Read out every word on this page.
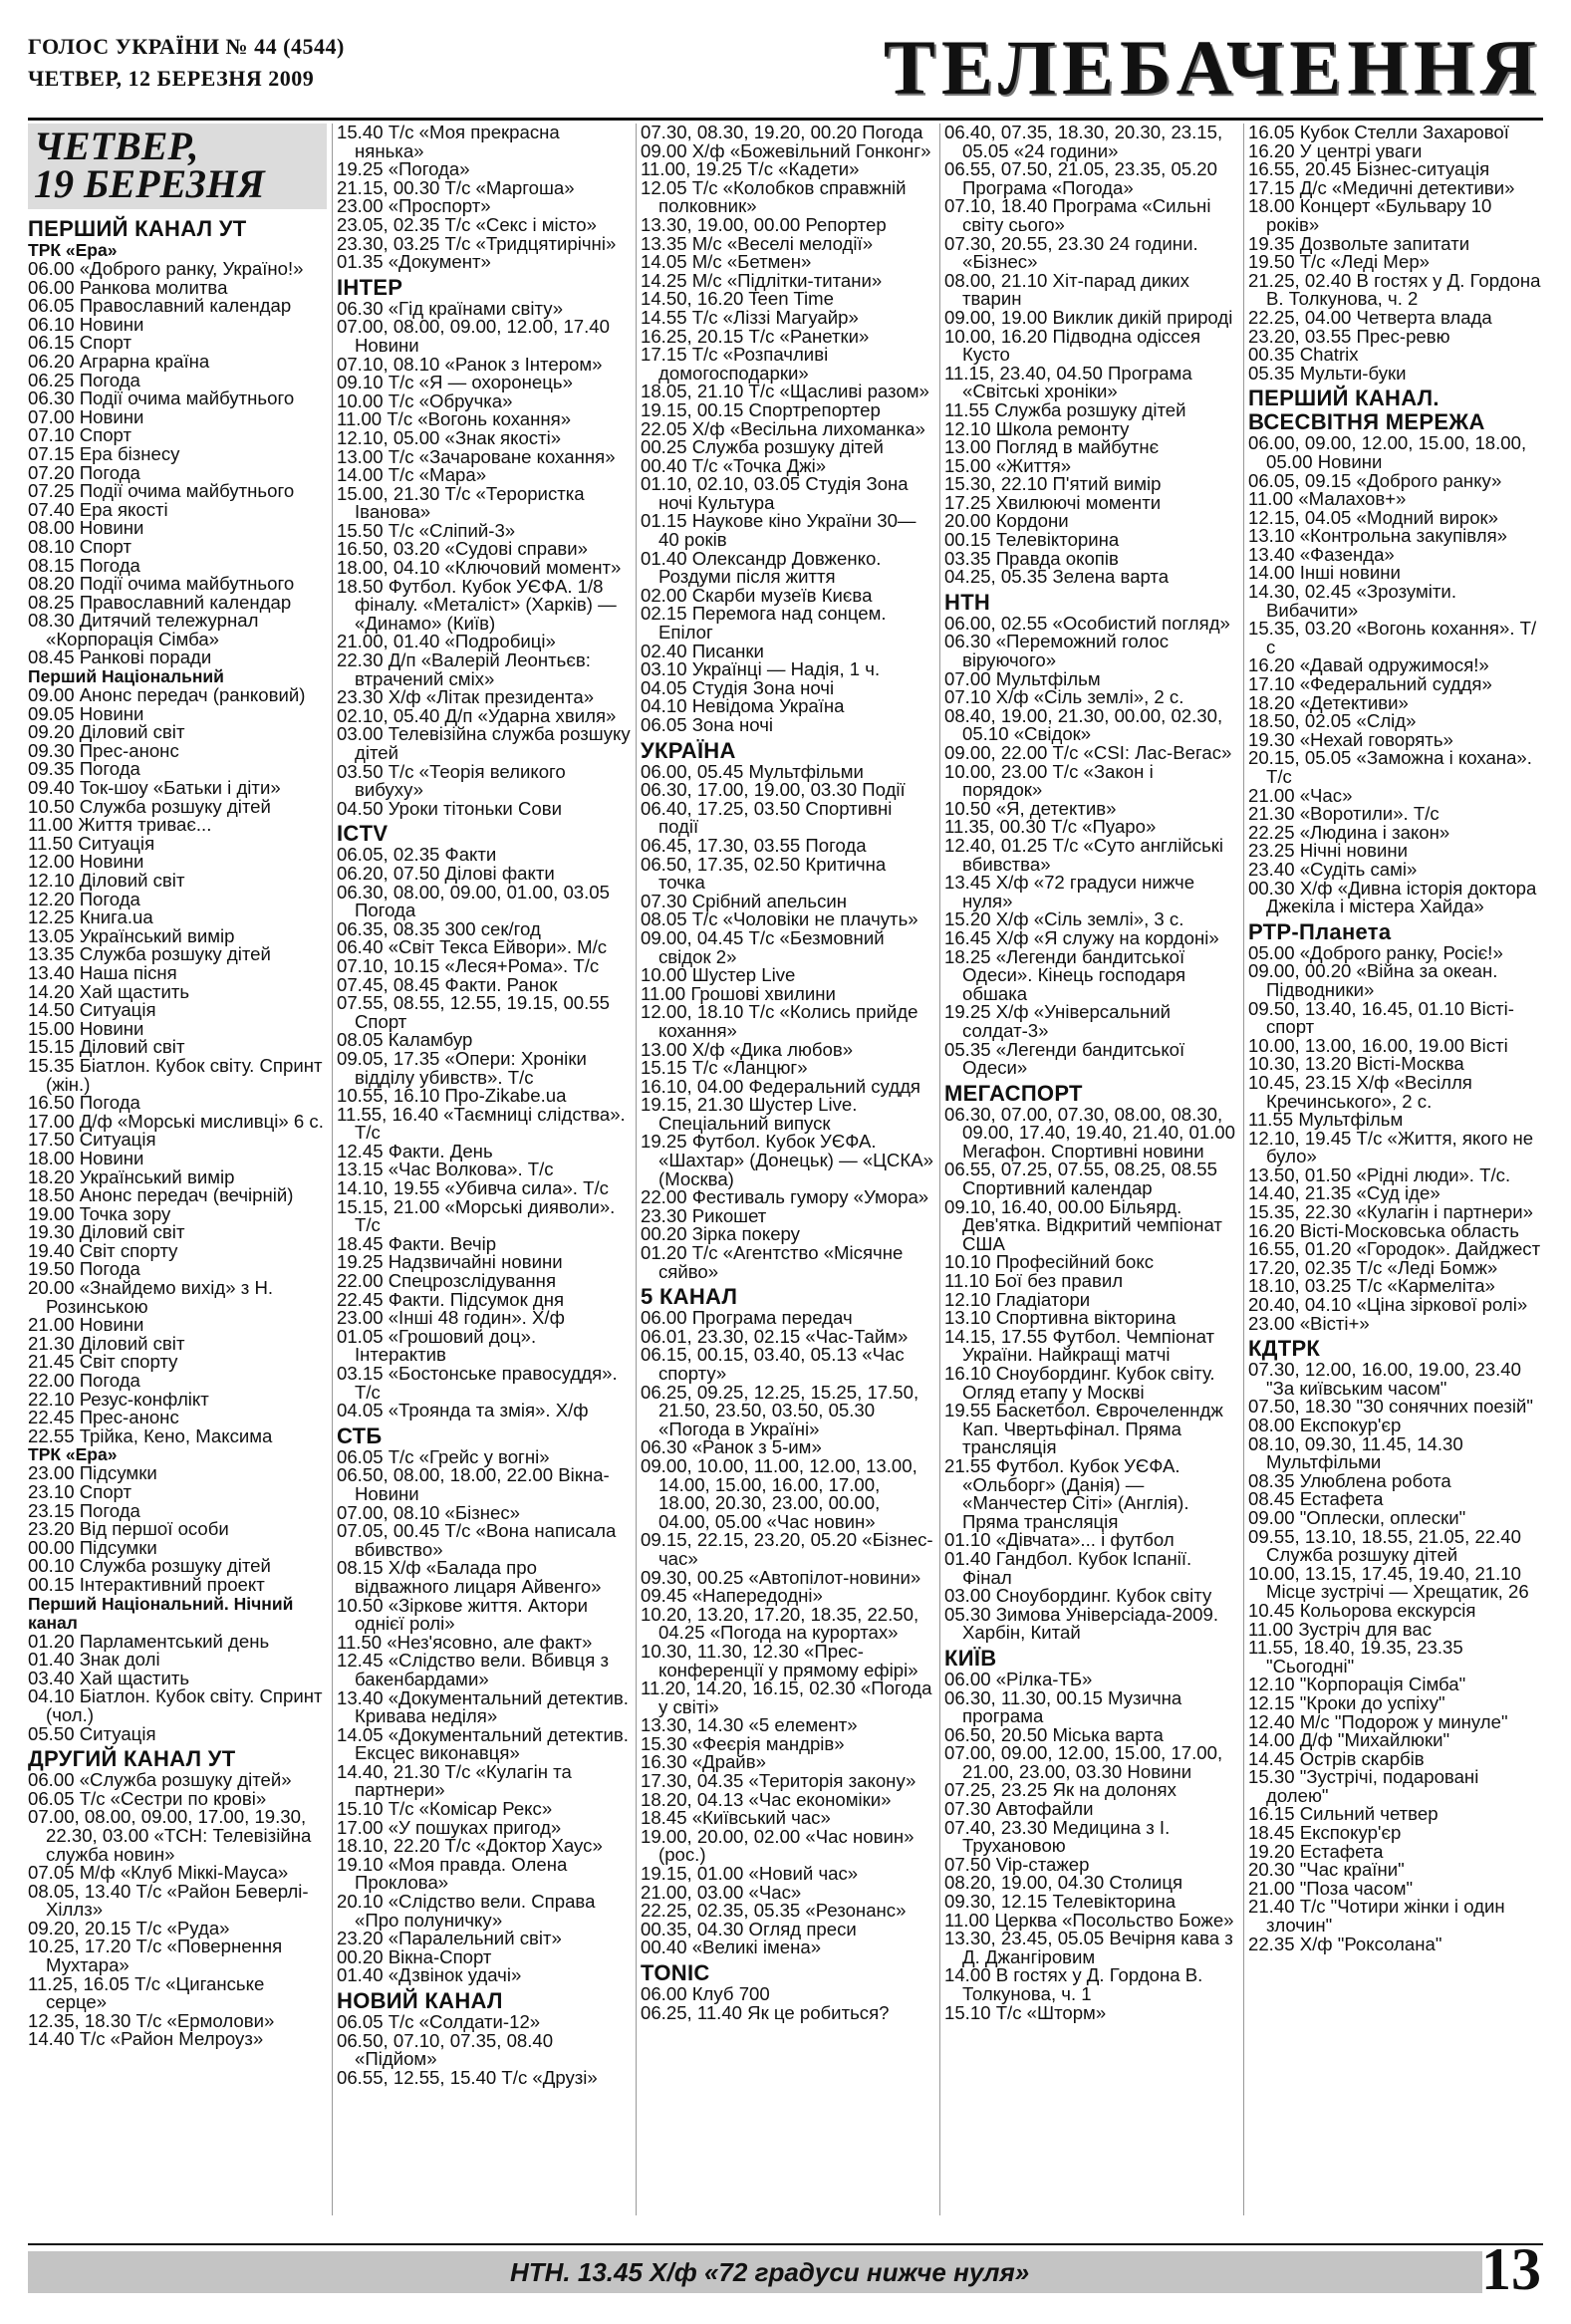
ГОЛОС УКРАЇНИ № 44 (4544)
ЧЕТВЕР, 12 БЕРЕЗНЯ 2009	ТЕЛЕБАЧЕННЯ
ЧЕТВЕР,
19 БЕРЕЗНЯ
ПЕРШИЙ КАНАЛ УТ
ТРК «Ера»
06.00 «Доброго ранку, Україно!»
06.00 Ранкова молитва
06.05 Православний календар
06.10 Новини
06.15 Спорт
06.20 Аграрна країна
06.25 Погода
06.30 Події очима майбутнього
07.00 Новини
07.10 Спорт
07.15 Ера бізнесу
07.20 Погода
07.25 Події очима майбутнього
07.40 Ера якості
08.00 Новини
08.10 Спорт
08.15 Погода
08.20 Події очима майбутнього
08.25 Православний календар
08.30 Дитячий тележурнал «Корпорація Сімба»
08.45 Ранкові поради
Перший Національний
09.00 Анонс передач (ранковий)
09.05 Новини
09.20 Діловий світ
09.30 Прес-анонс
09.35 Погода
09.40 Ток-шоу «Батьки і діти»
10.50 Служба розшуку дітей
11.00 Життя триває...
11.50 Ситуація
12.00 Новини
12.10 Діловий світ
12.20 Погода
12.25 Книга.ua
13.05 Український вимір
13.35 Служба розшуку дітей
13.40 Наша пісня
14.20 Хай щастить
14.50 Ситуація
15.00 Новини
15.15 Діловий світ
15.35 Біатлон. Кубок світу. Спринт (жін.)
16.50 Погода
17.00 Д/ф «Морські мисливці» 6 с.
17.50 Ситуація
18.00 Новини
18.20 Український вимір
18.50 Анонс передач (вечірній)
19.00 Точка зору
19.30 Діловий світ
19.40 Світ спорту
19.50 Погода
20.00 «Знайдемо вихід» з Н. Розинською
21.00 Новини
21.30 Діловий світ
21.45 Світ спорту
22.00 Погода
22.10 Резус-конфлікт
22.45 Прес-анонс
22.55 Трійка, Кено, Максима
ТРК «Ера»
23.00 Підсумки
23.10 Спорт
23.15 Погода
23.20 Від першої особи
00.00 Підсумки
00.10 Служба розшуку дітей
00.15 Інтерактивний проект
Перший Національний. Нічний канал
01.20 Парламентський день
01.40 Знак долі
03.40 Хай щастить
04.10 Біатлон. Кубок світу. Спринт (чол.)
05.50 Ситуація
ДРУГИЙ КАНАЛ УТ
06.00 «Служба розшуку дітей»
06.05 Т/с «Сестри по крові»
07.00, 08.00, 09.00, 17.00, 19.30, 22.30, 03.00 «ТСН: Телевізійна служба новин»
07.05 М/ф «Клуб Міккі-Мауса»
08.05, 13.40 Т/с «Район Беверлі-Хіллз»
09.20, 20.15 Т/с «Руда»
10.25, 17.20 Т/с «Повернення Мухтара»
11.25, 16.05 Т/с «Циганське серце»
12.35, 18.30 Т/с «Ермолови»
14.40 Т/с «Район Мелроуз»
15.40 Т/с «Моя прекрасна нянька»
19.25 «Погода»
21.15, 00.30 Т/с «Маргоша»
23.00 «Проспорт»
23.05, 02.35 Т/с «Секс і місто»
23.30, 03.25 Т/с «Тридцятирічні»
01.35 «Документ»
ІНТЕР
06.30 «Гід країнами світу»
07.00, 08.00, 09.00, 12.00, 17.40 Новини
07.10, 08.10 «Ранок з Інтером»
09.10 Т/с «Я — охоронець»
10.00 Т/с «Обручка»
11.00 Т/с «Вогонь кохання»
12.10, 05.00 «Знак якості»
13.00 Т/с «Зачароване кохання»
14.00 Т/с «Мара»
15.00, 21.30 Т/с «Терористка Іванова»
15.50 Т/с «Сліпий-3»
16.50, 03.20 «Судові справи»
18.00, 04.10 «Ключовий момент»
18.50 Футбол. Кубок УЄФА. 1/8 фіналу. «Металіст» (Харків) — «Динамо» (Київ)
21.00, 01.40 «Подробиці»
22.30 Д/п «Валерій Леонтьєв: втрачений сміх»
23.30 Х/ф «Літак президента»
02.10, 05.40 Д/п «Ударна хвиля»
03.00 Телевізійна служба розшуку дітей
03.50 Т/с «Теорія великого вибуху»
04.50 Уроки тітоньки Сови
ICTV
06.05, 02.35 Факти
06.20, 07.50 Ділові факти
06.30, 08.00, 09.00, 01.00, 03.05 Погода
06.35, 08.35 300 сек/год
06.40 «Світ Текса Ейвори». М/с
07.10, 10.15 «Леся+Рома». Т/с
07.45, 08.45 Факти. Ранок
07.55, 08.55, 12.55, 19.15, 00.55 Спорт
08.05 Каламбур
09.05, 17.35 «Опери: Хроніки відділу убивств». Т/с
10.55, 16.10 Про-Zikabe.ua
11.55, 16.40 «Таємниці слідства». Т/с
12.45 Факти. День
13.15 «Час Волкова». Т/с
14.10, 19.55 «Убивча сила». Т/с
15.15, 21.00 «Морські дияволи». Т/с
18.45 Факти. Вечір
19.25 Надзвичайні новини
22.00 Спецрозслідування
22.45 Факти. Підсумок дня
23.00 «Інші 48 годин». Х/ф
01.05 «Грошовий доц». Інтерактив
03.15 «Бостонське правосуддя». Т/с
04.05 «Троянда та змія». Х/ф
СТБ
06.05 Т/с «Грейс у вогні»
06.50, 08.00, 18.00, 22.00 Вікна-Новини
07.00, 08.10 «Бізнес»
07.05, 00.45 Т/с «Вона написала вбивство»
08.15 Х/ф «Балада про відважного лицаря Айвенго»
10.50 «Зіркове життя. Актори однієї ролі»
11.50 «Нез'ясовно, але факт»
12.45 «Слідство вели. Вбивця з бакенбардами»
13.40 «Документальний детектив. Кривава неділя»
14.05 «Документальний детектив. Ексцес виконавця»
14.40, 21.30 Т/с «Кулагін та партнери»
15.10 Т/с «Комісар Рекс»
17.00 «У пошуках пригод»
18.10, 22.20 Т/с «Доктор Хаус»
19.10 «Моя правда. Олена Проклова»
20.10 «Слідство вели. Справа «Про полуничку»
23.20 «Паралельний світ»
00.20 Вікна-Спорт
01.40 «Дзвінок удачі»
НОВИЙ КАНАЛ
06.05 Т/с «Солдати-12»
06.50, 07.10, 07.35, 08.40 «Підйом»
06.55, 12.55, 15.40 Т/с «Друзі»
07.30, 08.30, 19.20, 00.20 Погода
09.00 Х/ф «Божевільний Гонконг»
11.00, 19.25 Т/с «Кадети»
12.05 Т/с «Колобков справжній полковник»
13.30, 19.00, 00.00 Репортер
13.35 М/с «Веселі мелодії»
14.05 М/с «Бетмен»
14.25 М/с «Підлітки-титани»
14.50, 16.20 Teen Time
14.55 Т/с «Ліззі Магуайр»
16.25, 20.15 Т/с «Ранетки»
17.15 Т/с «Розпачливі домогосподарки»
18.05, 21.10 Т/с «Щасливі разом»
19.15, 00.15 Спортрепортер
22.05 Х/ф «Весільна лихоманка»
00.25 Служба розшуку дітей
00.40 Т/с «Точка Джі»
01.10, 02.10, 03.05 Студія Зона ночі Культура
01.15 Наукове кіно України 30—40 років
01.40 Олександр Довженко. Роздуми після життя
02.00 Скарби музеїв Києва
02.15 Перемога над сонцем. Епілог
02.40 Писанки
03.10 Українці — Надія, 1 ч.
04.05 Студія Зона ночі
04.10 Невідома Україна
06.05 Зона ночі
УКРАЇНА
06.00, 05.45 Мультфільми
06.30, 17.00, 19.00, 03.30 Події
06.40, 17.25, 03.50 Спортивні події
06.45, 17.30, 03.55 Погода
06.50, 17.35, 02.50 Критична точка
07.30 Срібний апельсин
08.05 Т/с «Чоловіки не плачуть»
09.00, 04.45 Т/с «Безмовний свідок 2»
10.00 Шустер Live
11.00 Грошові хвилини
12.00, 18.10 Т/с «Колись прийде кохання»
13.00 Х/ф «Дика любов»
15.15 Т/с «Ланцюг»
16.10, 04.00 Федеральний суддя
19.15, 21.30 Шустер Live. Спеціальний випуск
19.25 Футбол. Кубок УЄФА. «Шахтар» (Донецьк) — «ЦСКА» (Москва)
22.00 Фестиваль гумору «Умора»
23.30 Рикошет
00.20 Зірка покеру
01.20 Т/с «Агентство «Місячне сяйво»
5 КАНАЛ
06.00 Програма передач
06.01, 23.30, 02.15 «Час-Тайм»
06.15, 00.15, 03.40, 05.13 «Час спорту»
06.25, 09.25, 12.25, 15.25, 17.50, 21.50, 23.50, 03.50, 05.30 «Погода в Україні»
06.30 «Ранок з 5-им»
09.00, 10.00, 11.00, 12.00, 13.00, 14.00, 15.00, 16.00, 17.00, 18.00, 20.30, 23.00, 00.00, 04.00, 05.00 «Час новин»
09.15, 22.15, 23.20, 05.20 «Бізнес-час»
09.30, 00.25 «Автопілот-новини»
09.45 «Напередодні»
10.20, 13.20, 17.20, 18.35, 22.50, 04.25 «Погода на курортах»
10.30, 11.30, 12.30 «Прес-конференції у прямому ефірі»
11.20, 14.20, 16.15, 02.30 «Погода у світі»
13.30, 14.30 «5 елемент»
15.30 «Феєрія мандрів»
16.30 «Драйв»
17.30, 04.35 «Територія закону»
18.20, 04.13 «Час економіки»
18.45 «Київський час»
19.00, 20.00, 02.00 «Час новин» (рос.)
19.15, 01.00 «Новий час»
21.00, 03.00 «Час»
22.25, 02.35, 05.35 «Резонанс»
00.35, 04.30 Огляд преси
00.40 «Великі імена»
TONIC
06.00 Клуб 700
06.25, 11.40 Як це робиться?
06.40, 07.35, 18.30, 20.30, 23.15, 05.05 «24 години»
06.55, 07.50, 21.05, 23.35, 05.20 Програма «Погода»
07.10, 18.40 Програма «Сильні світу сього»
07.30, 20.55, 23.30 24 години. «Бізнес»
08.00, 21.10 Хіт-парад диких тварин
09.00, 19.00 Виклик дикій природі
10.00, 16.20 Підводна одіссея Кусто
11.15, 23.40, 04.50 Програма «Світські хроніки»
11.55 Служба розшуку дітей
12.10 Школа ремонту
13.00 Погляд в майбутнє
15.00 «Життя»
15.30, 22.10 П'ятий вимір
17.25 Хвилюючі моменти
20.00 Кордони
00.15 Телевікторина
03.35 Правда окопів
04.25, 05.35 Зелена варта
НТН
06.00, 02.55 «Особистий погляд»
06.30 «Переможний голос віруючого»
07.00 Мультфільм
07.10 Х/ф «Сіль землі», 2 с.
08.40, 19.00, 21.30, 00.00, 02.30, 05.10 «Свідок»
09.00, 22.00 Т/с «CSI: Лас-Вегас»
10.00, 23.00 Т/с «Закон і порядок»
10.50 «Я, детектив»
11.35, 00.30 Т/с «Пуаро»
12.40, 01.25 Т/с «Суто англійські вбивства»
13.45 Х/ф «72 градуси нижче нуля»
15.20 Х/ф «Сіль землі», 3 с.
16.45 Х/ф «Я служу на кордоні»
18.25 «Легенди бандитської Одеси». Кінець господаря обшака
19.25 Х/ф «Універсальний солдат-3»
05.35 «Легенди бандитської Одеси»
МЕГАСПОРТ
06.30, 07.00, 07.30, 08.00, 08.30, 09.00, 17.40, 19.40, 21.40, 01.00 Мегафон. Спортивні новини
06.55, 07.25, 07.55, 08.25, 08.55 Спортивний календар
09.10, 16.40, 00.00 Більярд. Дев'ятка. Відкритий чемпіонат США
10.10 Професійний бокс
11.10 Бої без правил
12.10 Гладіатори
13.10 Спортивна вікторина
14.15, 17.55 Футбол. Чемпіонат України. Найкращі матчі
16.10 Сноубординг. Кубок світу. Огляд етапу у Москві
19.55 Баскетбол. Єврочеленндж Кап. Чвертьфінал. Пряма трансляція
21.55 Футбол. Кубок УЄФА. «Ольборг» (Данія) — «Манчестер Сіті» (Англія). Пряма трансляція
01.10 «Дівчата»... і футбол
01.40 Гандбол. Кубок Іспанії. Фінал
03.00 Сноубординг. Кубок світу
05.30 Зимова Універсіада-2009. Харбін, Китай
КИЇВ
06.00 «Рілка-ТБ»
06.30, 11.30, 00.15 Музична програма
06.50, 20.50 Міська варта
07.00, 09.00, 12.00, 15.00, 17.00, 21.00, 23.00, 03.30 Новини
07.25, 23.25 Як на долонях
07.30 Автофайли
07.40, 23.30 Медицина з І. Трухановою
07.50 Vip-стажер
08.20, 19.00, 04.30 Столиця
09.30, 12.15 Телевікторина
11.00 Церква «Посольство Боже»
13.30, 23.45, 05.05 Вечірня кава з Д. Джангіровим
14.00 В гостях у Д. Гордона В. Толкунова, ч. 1
15.10 Т/с «Шторм»
16.05 Кубок Стелли Захарової
16.20 У центрі уваги
16.55, 20.45 Бізнес-ситуація
17.15 Д/с «Медичні детективи»
18.00 Концерт «Бульвару 10 років»
19.35 Дозвольте запитати
19.50 Т/с «Леді Мер»
21.25, 02.40 В гостях у Д. Гордона В. Толкунова, ч. 2
22.25, 04.00 Четверта влада
23.20, 03.55 Прес-ревю
00.35 Chatrix
05.35 Мульти-буки
ПЕРШИЙ КАНАЛ. ВСЕСВІТНЯ МЕРЕЖА
06.00, 09.00, 12.00, 15.00, 18.00, 05.00 Новини
06.05, 09.15 «Доброго ранку»
11.00 «Малахов+»
12.15, 04.05 «Модний вирок»
13.10 «Контрольна закупівля»
13.40 «Фазенда»
14.00 Інші новини
14.30, 02.45 «Зрозуміти. Вибачити»
15.35, 03.20 «Вогонь кохання». Т/с
16.20 «Давай одружимося!»
17.10 «Федеральний суддя»
18.20 «Детективи»
18.50, 02.05 «Слід»
19.30 «Нехай говорять»
20.15, 05.05 «Заможна і кохана». Т/с
21.00 «Час»
21.30 «Воротили». Т/с
22.25 «Людина і закон»
23.25 Нічні новини
23.40 «Судіть самі»
00.30 Х/ф «Дивна історія доктора Джекіла і містера Хайда»
РТР-Планета
05.00 «Доброго ранку, Росіє!»
09.00, 00.20 «Війна за океан. Підводники»
09.50, 13.40, 16.45, 01.10 Вісті-спорт
10.00, 13.00, 16.00, 19.00 Вісті
10.30, 13.20 Вісті-Москва
10.45, 23.15 Х/ф «Весілля Кречинського», 2 с.
11.55 Мультфільм
12.10, 19.45 Т/с «Життя, якого не було»
13.50, 01.50 «Рідні люди». Т/с.
14.40, 21.35 «Суд іде»
15.35, 22.30 «Кулагін і партнери»
16.20 Вісті-Московська область
16.55, 01.20 «Городок». Дайджест
17.20, 02.35 Т/с «Леді Бомж»
18.10, 03.25 Т/с «Кармеліта»
20.40, 04.10 «Ціна зіркової ролі»
23.00 «Вісті+»
КДТРК
07.30, 12.00, 16.00, 19.00, 23.40 "За київським часом"
07.50, 18.30 "30 сонячних поезій"
08.00 Експокур'єр
08.10, 09.30, 11.45, 14.30 Мультфільми
08.35 Улюблена робота
08.45 Естафета
09.00 "Оплески, оплески"
09.55, 13.10, 18.55, 21.05, 22.40 Служба розшуку дітей
10.00, 13.15, 17.45, 19.40, 21.10 Місце зустрічі — Хрещатик, 26
10.45 Кольорова екскурсія
11.00 Зустріч для вас
11.55, 18.40, 19.35, 23.35 "Сьогодні"
12.10 "Корпорація Сімба"
12.15 "Кроки до успіху"
12.40 М/с "Подорож у минуле"
14.00 Д/ф "Михайлюки"
14.45 Острів скарбів
15.30 "Зустрічі, подаровані долею"
16.15 Сильний четвер
18.45 Експокур'єр
19.20 Естафета
20.30 "Час країни"
21.00 "Поза часом"
21.40 Т/с "Чотири жінки і один злочин"
22.35 Х/ф "Роксолана"
НТН. 13.45 Х/ф «72 градуси нижче нуля»	13
